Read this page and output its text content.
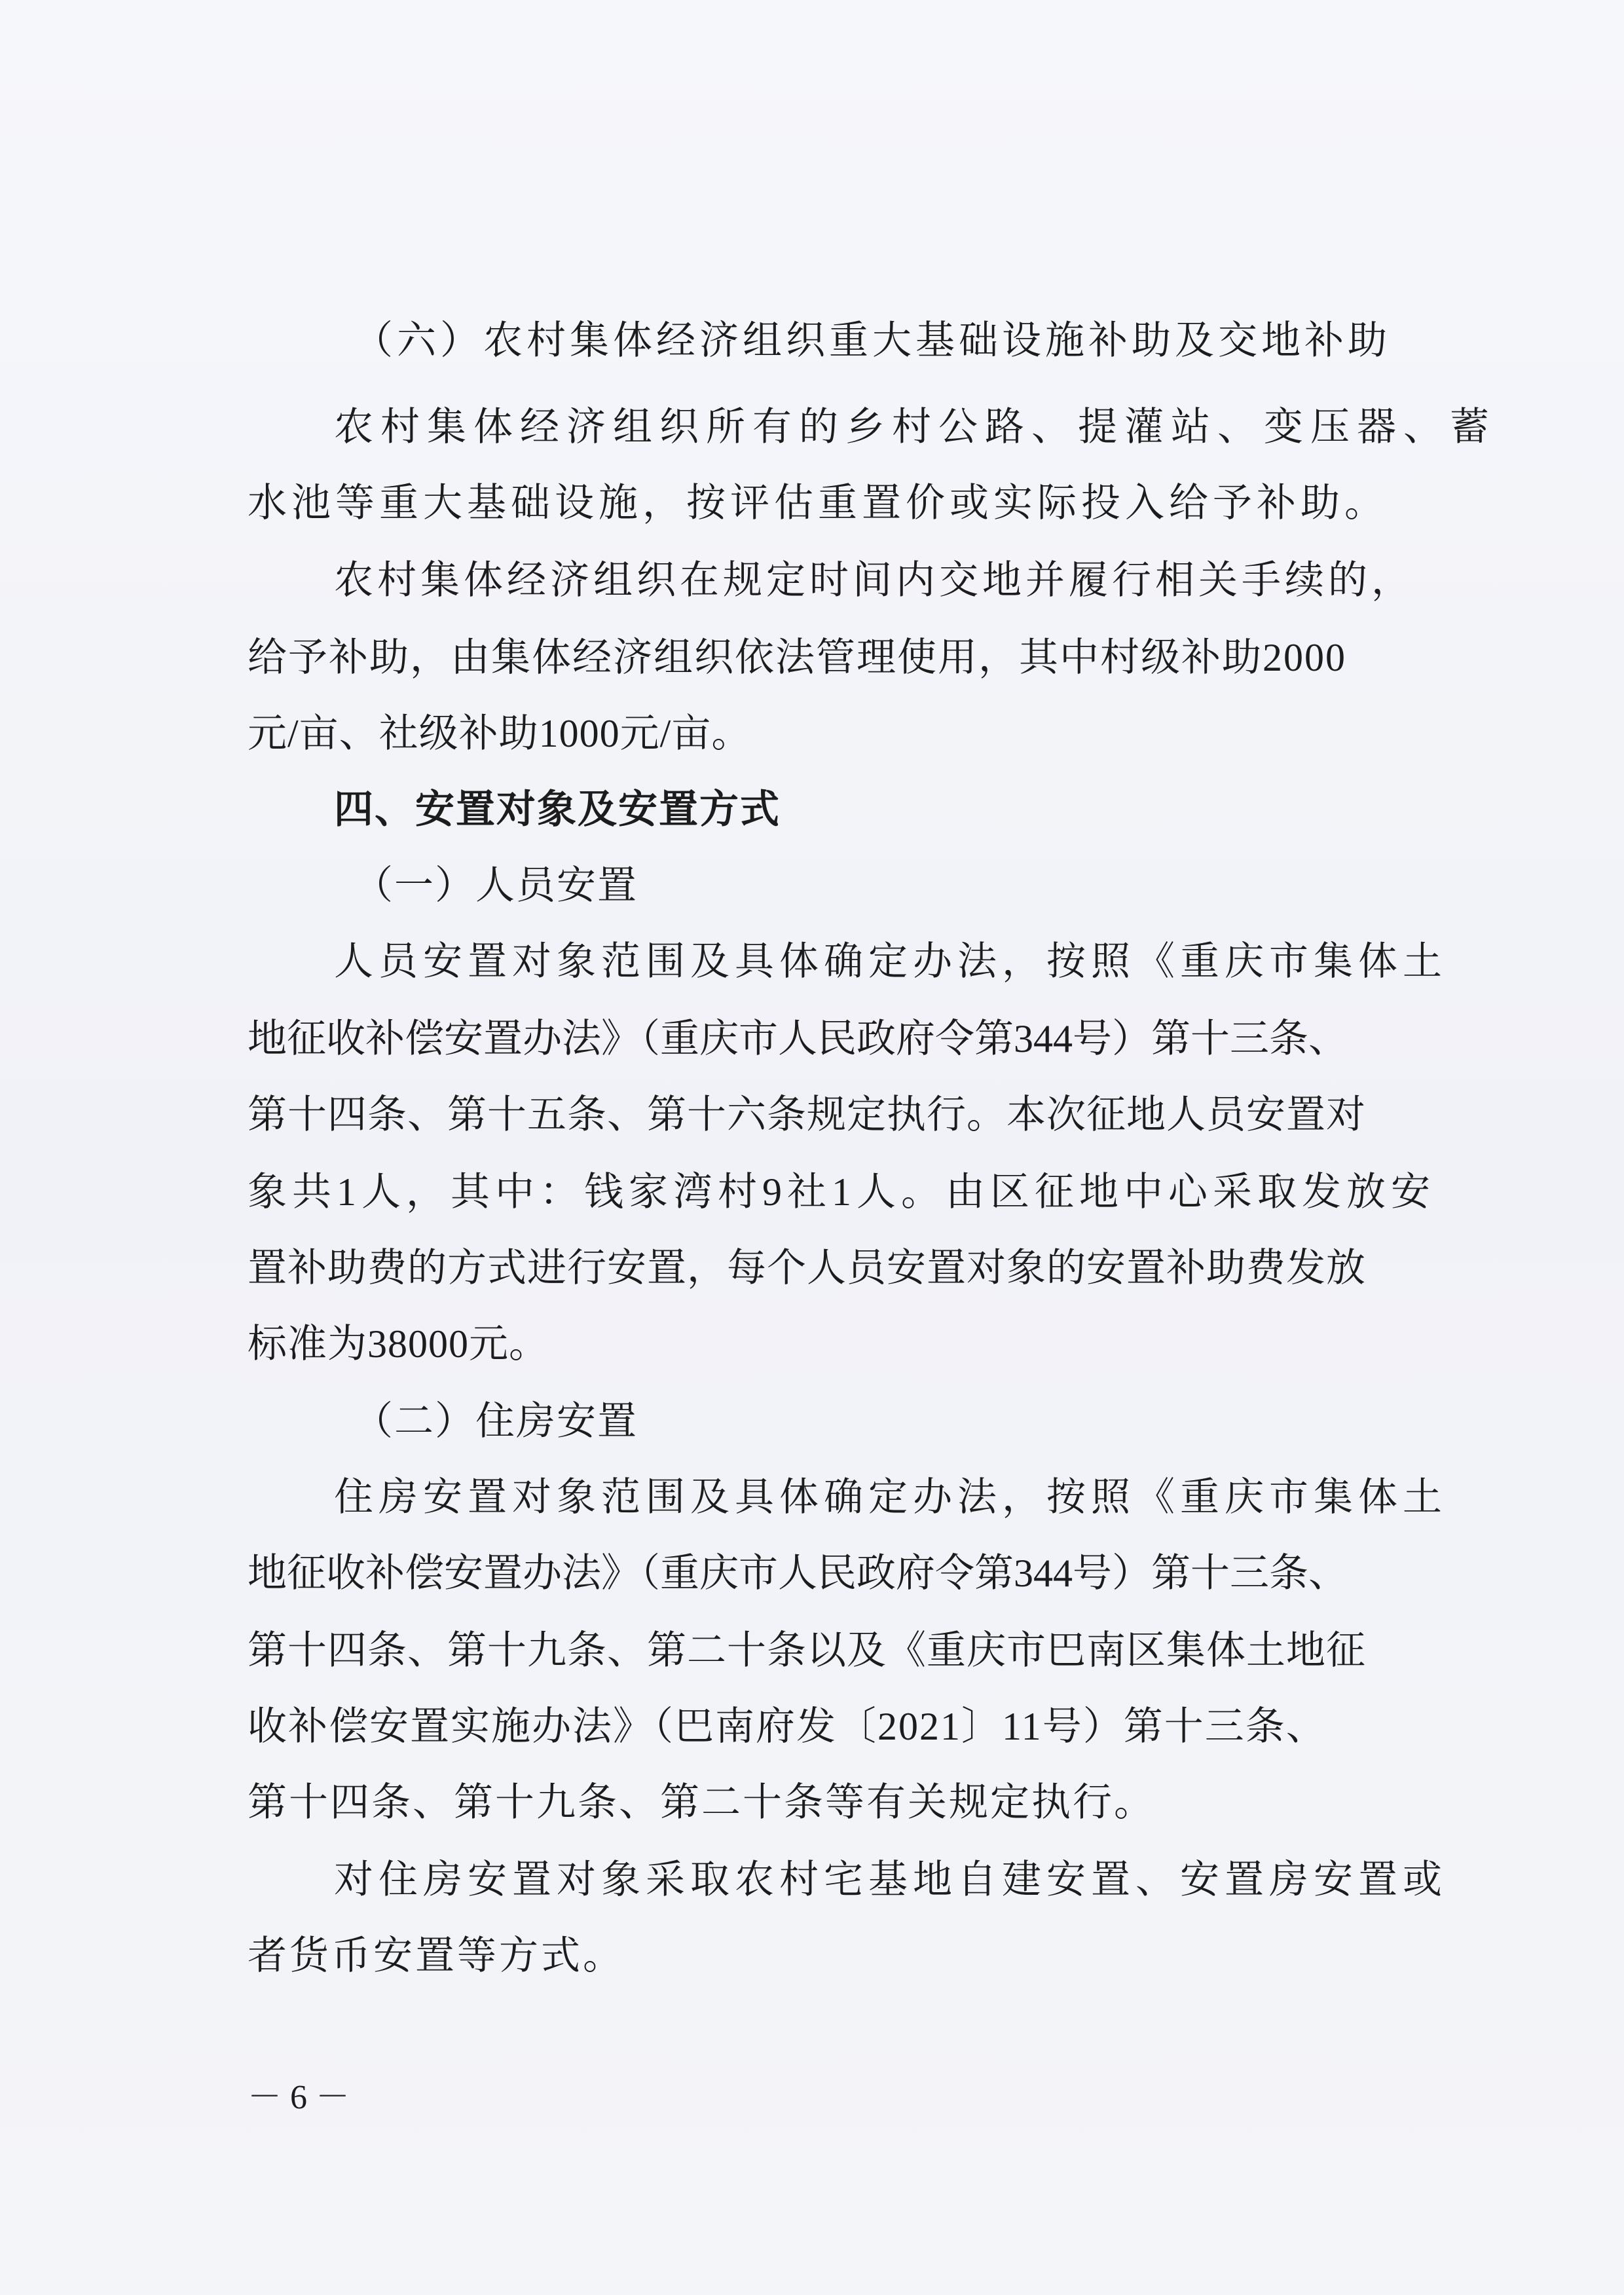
（六）农村集体经济组织重大基础设施补助及交地补助

农村集体经济组织所有的乡村公路、提灌站、变压器、蓄

水池等重大基础设施，按评估重置价或实际投入给予补助。

农村集体经济组织在规定时间内交地并履行相关手续的，

给予补助，由集体经济组织依法管理使用，其中村级补助2000

元/亩、社级补助1000元/亩。

四、安置对象及安置方式

（一）人员安置

人员安置对象范围及具体确定办法，按照《重庆市集体土

地征收补偿安置办法》（重庆市人民政府令第344号）第十三条、

第十四条、第十五条、第十六条规定执行。本次征地人员安置对

象共1人，其中：钱家湾村9社1人。由区征地中心采取发放安

置补助费的方式进行安置，每个人员安置对象的安置补助费发放

标准为38000元。

（二）住房安置

住房安置对象范围及具体确定办法，按照《重庆市集体土

地征收补偿安置办法》（重庆市人民政府令第344号）第十三条、

第十四条、第十九条、第二十条以及《重庆市巴南区集体土地征

收补偿安置实施办法》（巴南府发〔2021〕11号）第十三条、

第十四条、第十九条、第二十条等有关规定执行。

对住房安置对象采取农村宅基地自建安置、安置房安置或

者货币安置等方式。

－ 6 －
